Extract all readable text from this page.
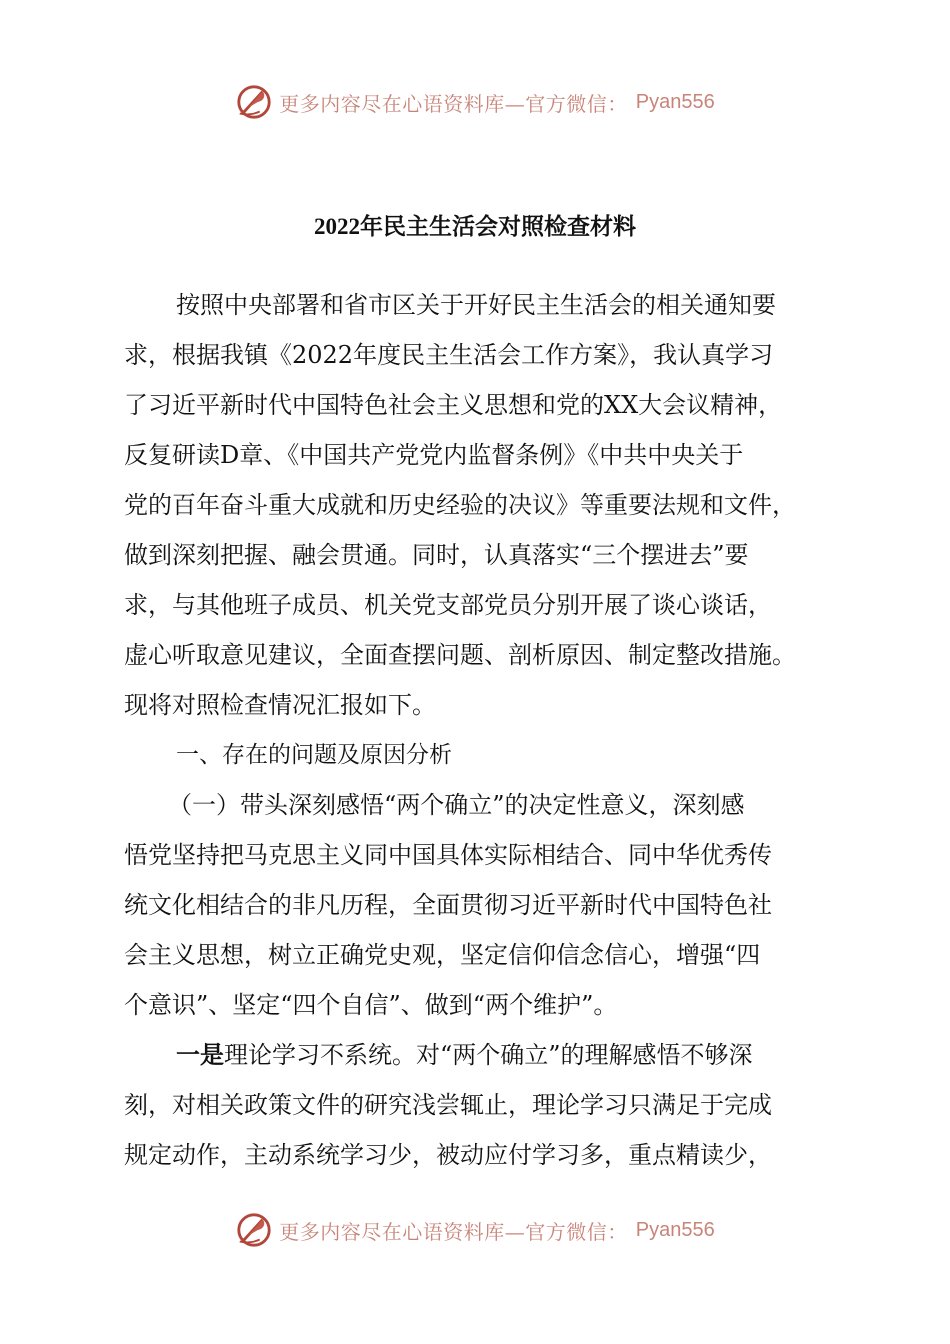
更多内容尽在心语资料库—官方微信： Pyan556
2022年民主生活会对照检查材料

按照中央部署和省市区关于开好民主生活会的相关通知要

求，根据我镇《2022年度民主生活会工作方案》，我认真学习

了习近平新时代中国特色社会主义思想和党的XX大会议精神，

反复研读D章、《中国共产党党内监督条例》《中共中央关于

党的百年奋斗重大成就和历史经验的决议》等重要法规和文件，

做到深刻把握、融会贯通。同时，认真落实“三个摆进去”要

求，与其他班子成员、机关党支部党员分别开展了谈心谈话，

虚心听取意见建议，全面查摆问题、剖析原因、制定整改措施。

现将对照检查情况汇报如下。

一、存在的问题及原因分析

（一）带头深刻感悟“两个确立”的决定性意义，深刻感

悟党坚持把马克思主义同中国具体实际相结合、同中华优秀传

统文化相结合的非凡历程，全面贯彻习近平新时代中国特色社

会主义思想，树立正确党史观，坚定信仰信念信心，增强“四

个意识”、坚定“四个自信”、做到“两个维护”。

一是理论学习不系统。对“两个确立”的理解感悟不够深

刻，对相关政策文件的研究浅尝辄止，理论学习只满足于完成

规定动作，主动系统学习少，被动应付学习多，重点精读少，

更多内容尽在心语资料库—官方微信： Pyan556
